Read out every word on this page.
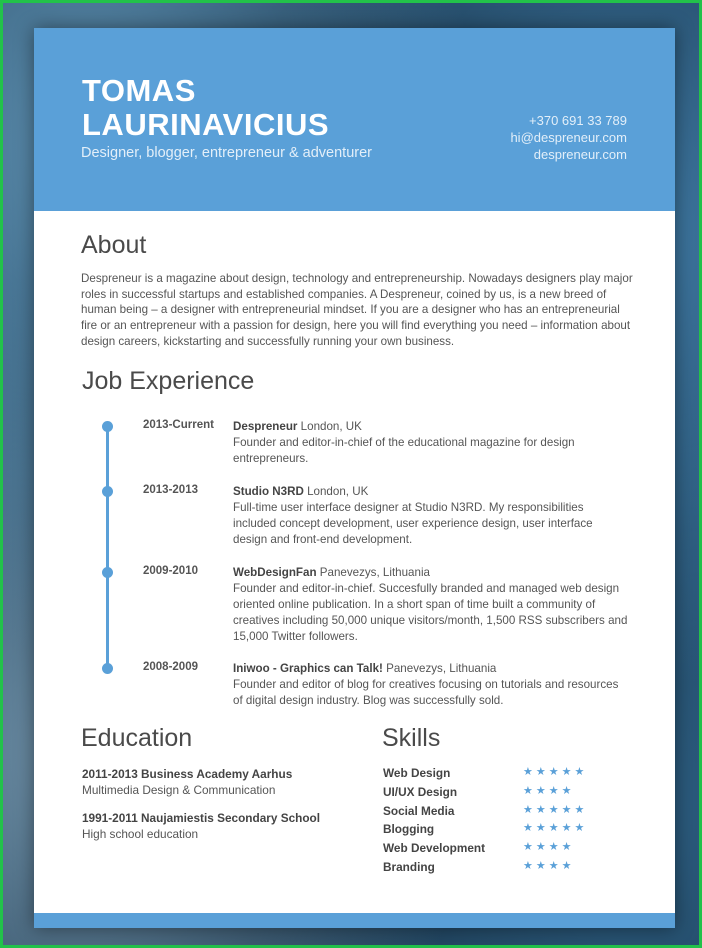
TOMAS
LAURINAVICIUS
Designer, blogger, entrepreneur & adventurer
+370 691 33 789
hi@despreneur.com
despreneur.com
About
Despreneur is a magazine about design, technology and entrepreneurship. Nowadays designers play major roles in successful startups and established companies. A Despreneur, coined by us, is a new breed of human being – a designer with entrepreneurial mindset. If you are a designer who has an entrepreneurial fire or an entrepreneur with a passion for design, here you will find everything you need – information about design careers, kickstarting and successfully running your own business.
Job Experience
2013-Current Despreneur London, UK
Founder and editor-in-chief of the educational magazine for design entrepreneurs.
2013-2013	Studio N3RD London, UK
Full-time user interface designer at Studio N3RD. My responsibilities included concept development, user experience design, user interface design and front-end development.
2009-2010	WebDesignFan Panevezys, Lithuania
Founder and editor-in-chief. Succesfully branded and managed web design oriented online publication. In a short span of time built a community of creatives including 50,000 unique visitors/month, 1,500 RSS subscribers and 15,000 Twitter followers.
2008-2009	Iniwoo - Graphics can Talk! Panevezys, Lithuania
Founder and editor of blog for creatives focusing on tutorials and resources of digital design industry. Blog was successfully sold.
Education
2011-2013 Business Academy Aarhus
Multimedia Design & Communication
1991-2011 Naujamiestis Secondary School
High school education
Skills
Web Design	★★★★★
UI/UX Design	★★★★
Social Media	★★★★★
Blogging	★★★★★
Web Development	★★★★
Branding	★★★★
